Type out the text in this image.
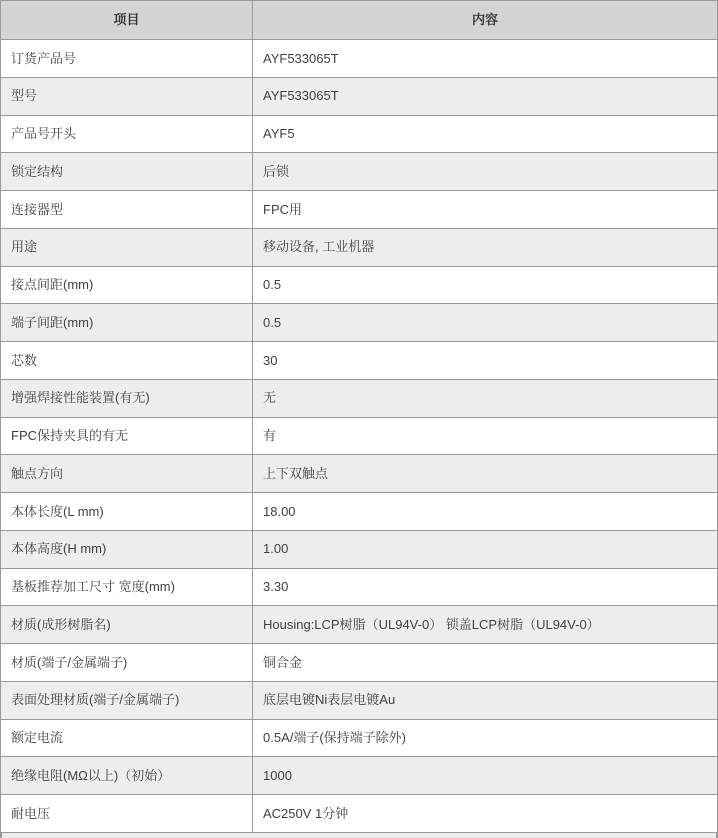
项目	内容
订货产品号	AYF533065T
型号	AYF533065T
产品号开头	AYF5
锁定结构	后锁
连接器型	FPC用
用途	移动设备, 工业机器
接点间距(mm)	0.5
端子间距(mm)	0.5
芯数	30
增强焊接性能装置(有无)	无
FPC保持夹具的有无	有
触点方向	上下双触点
本体长度(L mm)	18.00
本体高度(H mm)	1.00
基板推荐加工尺寸 宽度(mm)	3.30
材质(成形树脂名)	Housing:LCP树脂（UL94V-0） 锁盖LCP树脂（UL94V-0）
材质(端子/金属端子)	铜合金
表面处理材质(端子/金属端子)	底层电镀Ni表层电镀Au
额定电流	0.5A/端子(保持端子除外)
绝缘电阻(MΩ以上)（初始）	1000
耐电压	AC250V 1分钟
